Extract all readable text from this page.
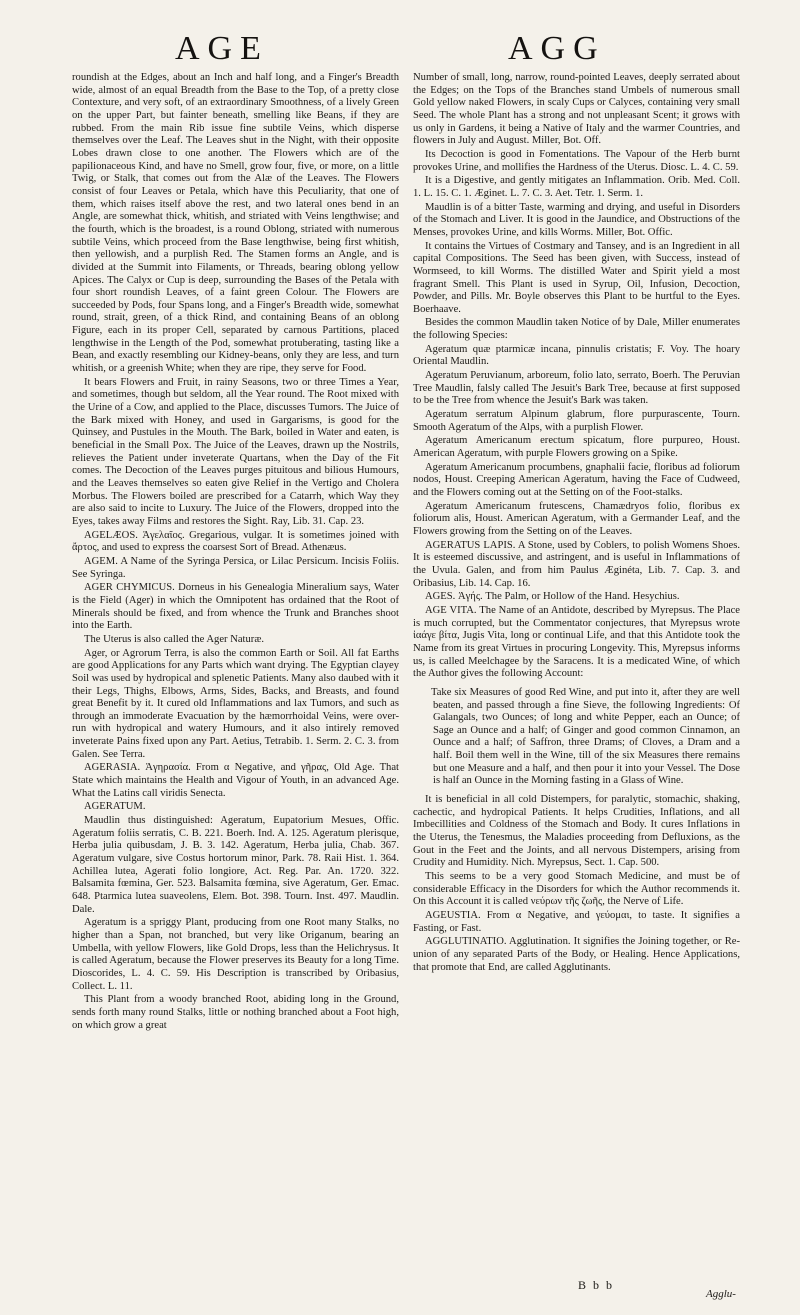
AGE	AGG

roundish at the Edges, about an Inch and half long, and a Finger's Breadth wide, almost of an equal Breadth from the Base to the Top, of a pretty close Contexture, and very soft, of an extraordinary Smoothness, of a lively Green on the upper Part, but fainter beneath, smelling like Beans, if they are rubbed. From the main Rib issue fine subtile Veins, which disperse themselves over the Leaf. The Leaves shut in the Night, with their opposite Lobes drawn close to one another. The Flowers which are of the papilionaceous Kind, and have no Smell, grow four, five, or more, on a little Twig, or Stalk, that comes out from the Alæ of the Leaves. The Flowers consist of four Leaves or Petala, which have this Peculiarity, that one of them, which raises itself above the rest, and two lateral ones bend in an Angle, are somewhat thick, whitish, and striated with Veins lengthwise; and the fourth, which is the broadest, is a round Oblong, striated with numerous subtile Veins, which proceed from the Base lengthwise, being first whitish, then yellowish, and a purplish Red. The Stamen forms an Angle, and is divided at the Summit into Filaments, or Threads, bearing oblong yellow Apices. The Calyx or Cup is deep, surrounding the Bases of the Petala with four short roundish Leaves, of a faint green Colour. The Flowers are succeeded by Pods, four Spans long, and a Finger's Breadth wide, somewhat round, strait, green, of a thick Rind, and containing Beans of an oblong Figure, each in its proper Cell, separated by carnous Partitions, placed lengthwise in the Length of the Pod, somewhat protuberating, tasting like a Bean, and exactly resembling our Kidney-beans, only they are less, and turn whitish, or a greenish White; when they are ripe, they serve for Food.

It bears Flowers and Fruit, in rainy Seasons, two or three Times a Year, and sometimes, though but seldom, all the Year round. The Root mixed with the Urine of a Cow, and applied to the Place, discusses Tumors. The Juice of the Bark mixed with Honey, and used in Gargarisms, is good for the Quinsey, and Pustules in the Mouth. The Bark, boiled in Water and eaten, is beneficial in the Small Pox. The Juice of the Leaves, drawn up the Nostrils, relieves the Patient under inveterate Quartans, when the Day of the Fit comes. The Decoction of the Leaves purges pituitous and bilious Humours, and the Leaves themselves so eaten give Relief in the Vertigo and Cholera Morbus. The Flowers boiled are prescribed for a Catarrh, which Way they are also said to incite to Luxury. The Juice of the Flowers, dropped into the Eyes, takes away Films and restores the Sight. Ray, Lib. 31. Cap. 23.

AGELÆOS. Ἀγελαῖος. Gregarious, vulgar. It is sometimes joined with ἄρτος, and used to express the coarsest Sort of Bread. Athenæus.

AGEM. A Name of the Syringa Persica, or Lilac Persicum. Incisis Foliis. See Syringa.

AGER CHYMICUS. Dorneus in his Genealogia Mineralium says, Water is the Field (Ager) in which the Omnipotent has ordained that the Root of Minerals should be fixed, and from whence the Trunk and Branches shoot into the Earth.

The Uterus is also called the Ager Naturæ.

Ager, or Agrorum Terra, is also the common Earth or Soil. All fat Earths are good Applications for any Parts which want drying. The Egyptian clayey Soil was used by hydropical and splenetic Patients. Many also daubed with it their Legs, Thighs, Elbows, Arms, Sides, Backs, and Breasts, and found great Benefit by it. It cured old Inflammations and lax Tumors, and such as through an immoderate Evacuation by the hæmorrhoidal Veins, were over-run with hydropical and watery Humours, and it also intirely removed inveterate Pains fixed upon any Part. Aetius, Tetrabib. 1. Serm. 2. C. 3. from Galen. See Terra.

AGERASIA. Ἀγηρασία. From α Negative, and γῆρας, Old Age. That State which maintains the Health and Vigour of Youth, in an advanced Age. What the Latins call viridis Senecta.

AGERATUM.

Maudlin thus distinguished: Ageratum, Eupatorium Mesues, Offic. Ageratum foliis serratis, C. B. 221. Boerh. Ind. A. 125. Ageratum plerisque, Herba julia quibusdam, J. B. 3. 142. Ageratum, Herba julia, Chab. 367. Ageratum vulgare, sive Costus hortorum minor, Park. 78. Raii Hist. 1. 364. Achillea lutea, Agerati folio longiore, Act. Reg. Par. An. 1720. 322. Balsamita fœmina, Ger. 523. Balsamita fœmina, sive Ageratum, Ger. Emac. 648. Ptarmica lutea suaveolens, Elem. Bot. 398. Tourn. Inst. 497. Maudlin. Dale.

Ageratum is a spriggy Plant, producing from one Root many Stalks, no higher than a Span, not branched, but very like Origanum, bearing an Umbella, with yellow Flowers, like Gold Drops, less than the Helichrysus. It is called Ageratum, because the Flower preserves its Beauty for a long Time. Dioscorides, L. 4. C. 59. His Description is transcribed by Oribasius, Collect. L. 11.

This Plant from a woody branched Root, abiding long in the Ground, sends forth many round Stalks, little or nothing branched about a Foot high, on which grow a great

Number of small, long, narrow, round-pointed Leaves, deeply serrated about the Edges; on the Tops of the Branches stand Umbels of numerous small Gold yellow naked Flowers, in scaly Cups or Calyces, containing very small Seed. The whole Plant has a strong and not unpleasant Scent; it grows with us only in Gardens, it being a Native of Italy and the warmer Countries, and flowers in July and August. Miller, Bot. Off.

Its Decoction is good in Fomentations. The Vapour of the Herb burnt provokes Urine, and mollifies the Hardness of the Uterus. Diosc. L. 4. C. 59.

It is a Digestive, and gently mitigates an Inflammation. Orib. Med. Coll. 1. L. 15. C. 1. Æginet. L. 7. C. 3. Aet. Tetr. 1. Serm. 1.

Maudlin is of a bitter Taste, warming and drying, and useful in Disorders of the Stomach and Liver. It is good in the Jaundice, and Obstructions of the Menses, provokes Urine, and kills Worms. Miller, Bot. Offic.

It contains the Virtues of Costmary and Tansey, and is an Ingredient in all capital Compositions. The Seed has been given, with Success, instead of Wormseed, to kill Worms. The distilled Water and Spirit yield a most fragrant Smell. This Plant is used in Syrup, Oil, Infusion, Decoction, Powder, and Pills. Mr. Boyle observes this Plant to be hurtful to the Eyes. Boerhaave.

Besides the common Maudlin taken Notice of by Dale, Miller enumerates the following Species:

Ageratum quæ ptarmicæ incana, pinnulis cristatis; F. Voy. The hoary Oriental Maudlin.

Ageratum Peruvianum, arboreum, folio lato, serrato, Boerh. The Peruvian Tree Maudlin, falsly called The Jesuit's Bark Tree, because at first supposed to be the Tree from whence the Jesuit's Bark was taken.

Ageratum serratum Alpinum glabrum, flore purpurascente, Tourn. Smooth Ageratum of the Alps, with a purplish Flower.

Ageratum Americanum erectum spicatum, flore purpureo, Houst. American Ageratum, with purple Flowers growing on a Spike.

Ageratum Americanum procumbens, gnaphalii facie, floribus ad foliorum nodos, Houst. Creeping American Ageratum, having the Face of Cudweed, and the Flowers coming out at the Setting on of the Foot-stalks.

Ageratum Americanum frutescens, Chamædryos folio, floribus ex foliorum alis, Houst. American Ageratum, with a Germander Leaf, and the Flowers growing from the Setting on of the Leaves.

AGERATUS LAPIS. A Stone, used by Coblers, to polish Womens Shoes. It is esteemed discussive, and astringent, and is useful in Inflammations of the Uvula. Galen, and from him Paulus Æginéta, Lib. 7. Cap. 3. and Oribasius, Lib. 14. Cap. 16.

AGES. Ἀγής. The Palm, or Hollow of the Hand. Hesychius.

AGE VITA. The Name of an Antidote, described by Myrepsus. The Place is much corrupted, but the Commentator conjectures, that Myrepsus wrote ἰαάγε βίτα, Jugis Vita, long or continual Life, and that this Antidote took the Name from its great Virtues in procuring Longevity. This, Myrepsus informs us, is called Meelchagee by the Saracens. It is a medicated Wine, of which the Author gives the following Account:

Take six Measures of good Red Wine, and put into it, after they are well beaten, and passed through a fine Sieve, the following Ingredients: Of Galangals, two Ounces; of long and white Pepper, each an Ounce; of Sage an Ounce and a half; of Ginger and good common Cinnamon, an Ounce and a half; of Saffron, three Drams; of Cloves, a Dram and a half. Boil them well in the Wine, till of the six Measures there remains but one Measure and a half, and then pour it into your Vessel. The Dose is half an Ounce in the Morning fasting in a Glass of Wine.

It is beneficial in all cold Distempers, for paralytic, stomachic, shaking, cachectic, and hydropical Patients. It helps Crudities, Inflations, and all Imbecillities and Coldness of the Stomach and Body. It cures Inflations in the Uterus, the Tenesmus, the Maladies proceeding from Defluxions, as the Gout in the Feet and the Joints, and all nervous Distempers, arising from Crudity and Humidity. Nich. Myrepsus, Sect. 1. Cap. 500.

This seems to be a very good Stomach Medicine, and must be of considerable Efficacy in the Disorders for which the Author recommends it. On this Account it is called νεύρων τῆς ζωῆς, the Nerve of Life.

AGEUSTIA. From α Negative, and γεύομαι, to taste. It signifies a Fasting, or Fast.

AGGLUTINATIO. Agglutination. It signifies the Joining together, or Re-union of any separated Parts of the Body, or Healing. Hence Applications, that promote that End, are called Agglutinants.

B b b
Agglu-
